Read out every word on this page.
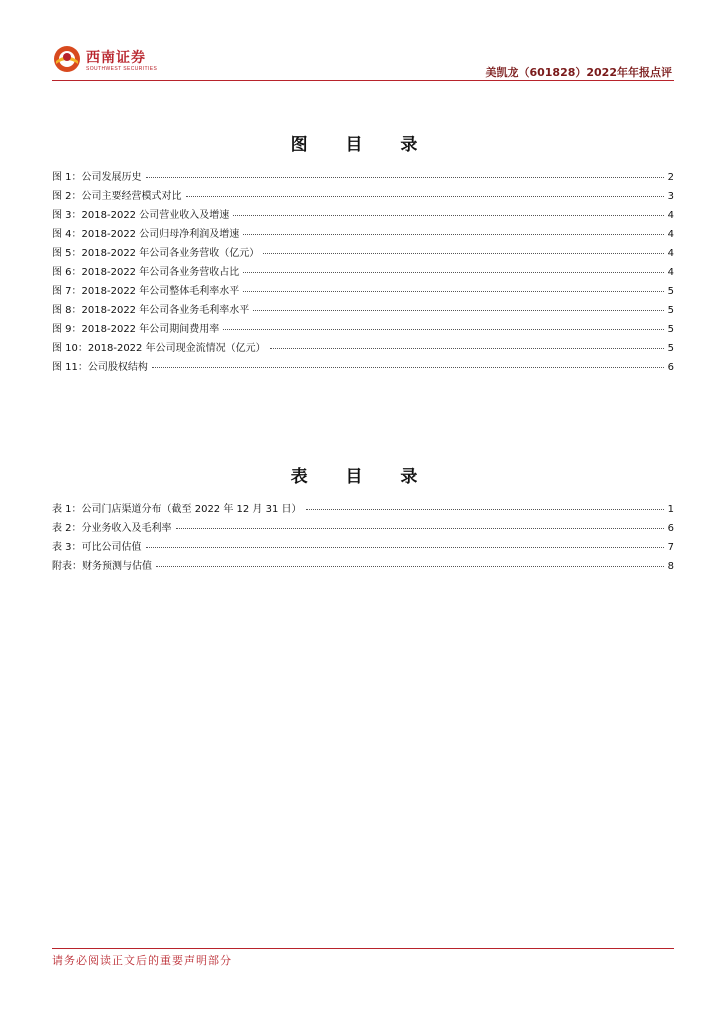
西南证券
SOUTHWEST SECURITIES	美凯龙（601828）2022年年报点评
图 目 录
图 1：公司发展历史	2
图 2：公司主要经营模式对比	3
图 3：2018-2022 公司营业收入及增速	4
图 4：2018-2022 公司归母净利润及增速	4
图 5：2018-2022 年公司各业务营收（亿元）	4
图 6：2018-2022 年公司各业务营收占比	4
图 7：2018-2022 年公司整体毛利率水平	5
图 8：2018-2022 年公司各业务毛利率水平	5
图 9：2018-2022 年公司期间费用率	5
图 10：2018-2022 年公司现金流情况（亿元）	5
图 11：公司股权结构	6
表 目 录
表 1：公司门店渠道分布（截至 2022 年 12 月 31 日）	1
表 2：分业务收入及毛利率	6
表 3：可比公司估值	7
附表：财务预测与估值	8
请务必阅读正文后的重要声明部分
